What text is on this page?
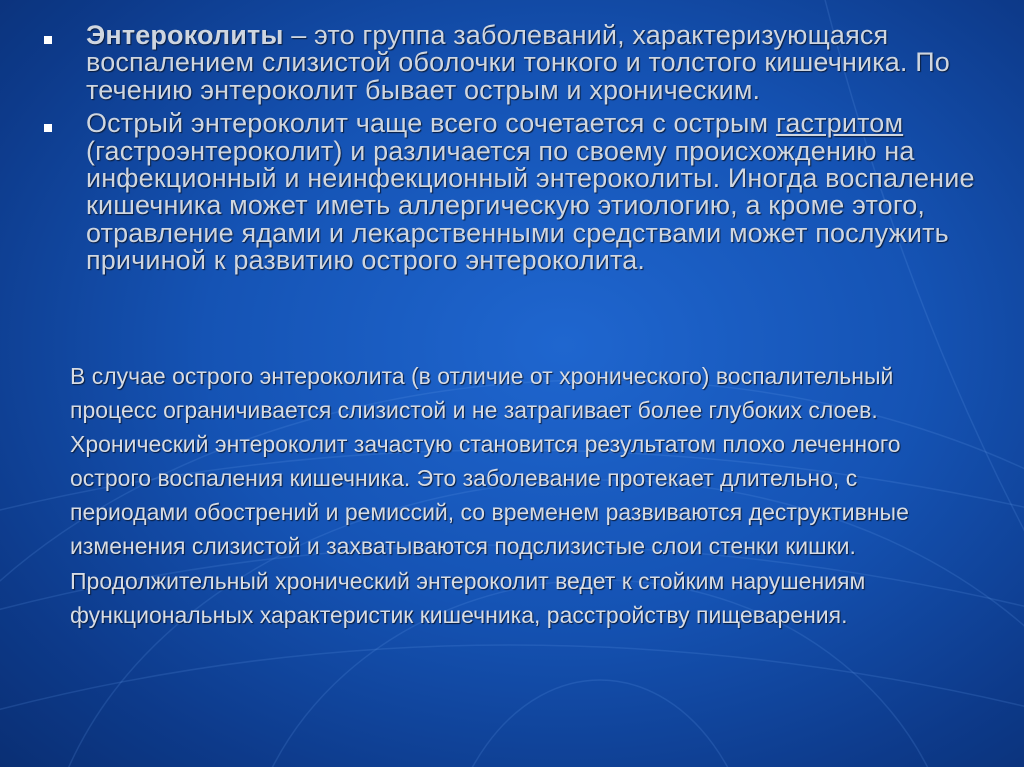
Энтероколиты – это группа заболеваний, характеризующаяся воспалением слизистой оболочки тонкого и толстого кишечника. По течению энтероколит бывает острым и хроническим.
Острый энтероколит чаще всего сочетается с острым гастритом (гастроэнтероколит) и различается по своему происхождению на инфекционный и неинфекционный энтероколиты. Иногда воспаление кишечника может иметь аллергическую этиологию, а кроме этого, отравление ядами и лекарственными средствами может послужить причиной к развитию острого энтероколита.

В случае острого энтероколита (в отличие от хронического) воспалительный процесс ограничивается слизистой и не затрагивает более глубоких слоев. Хронический энтероколит зачастую становится результатом плохо леченного острого воспаления кишечника. Это заболевание протекает длительно, с периодами обострений и ремиссий, со временем развиваются деструктивные изменения слизистой и захватываются подслизистые слои стенки кишки. Продолжительный хронический энтероколит ведет к стойким нарушениям функциональных характеристик кишечника, расстройству пищеварения.
